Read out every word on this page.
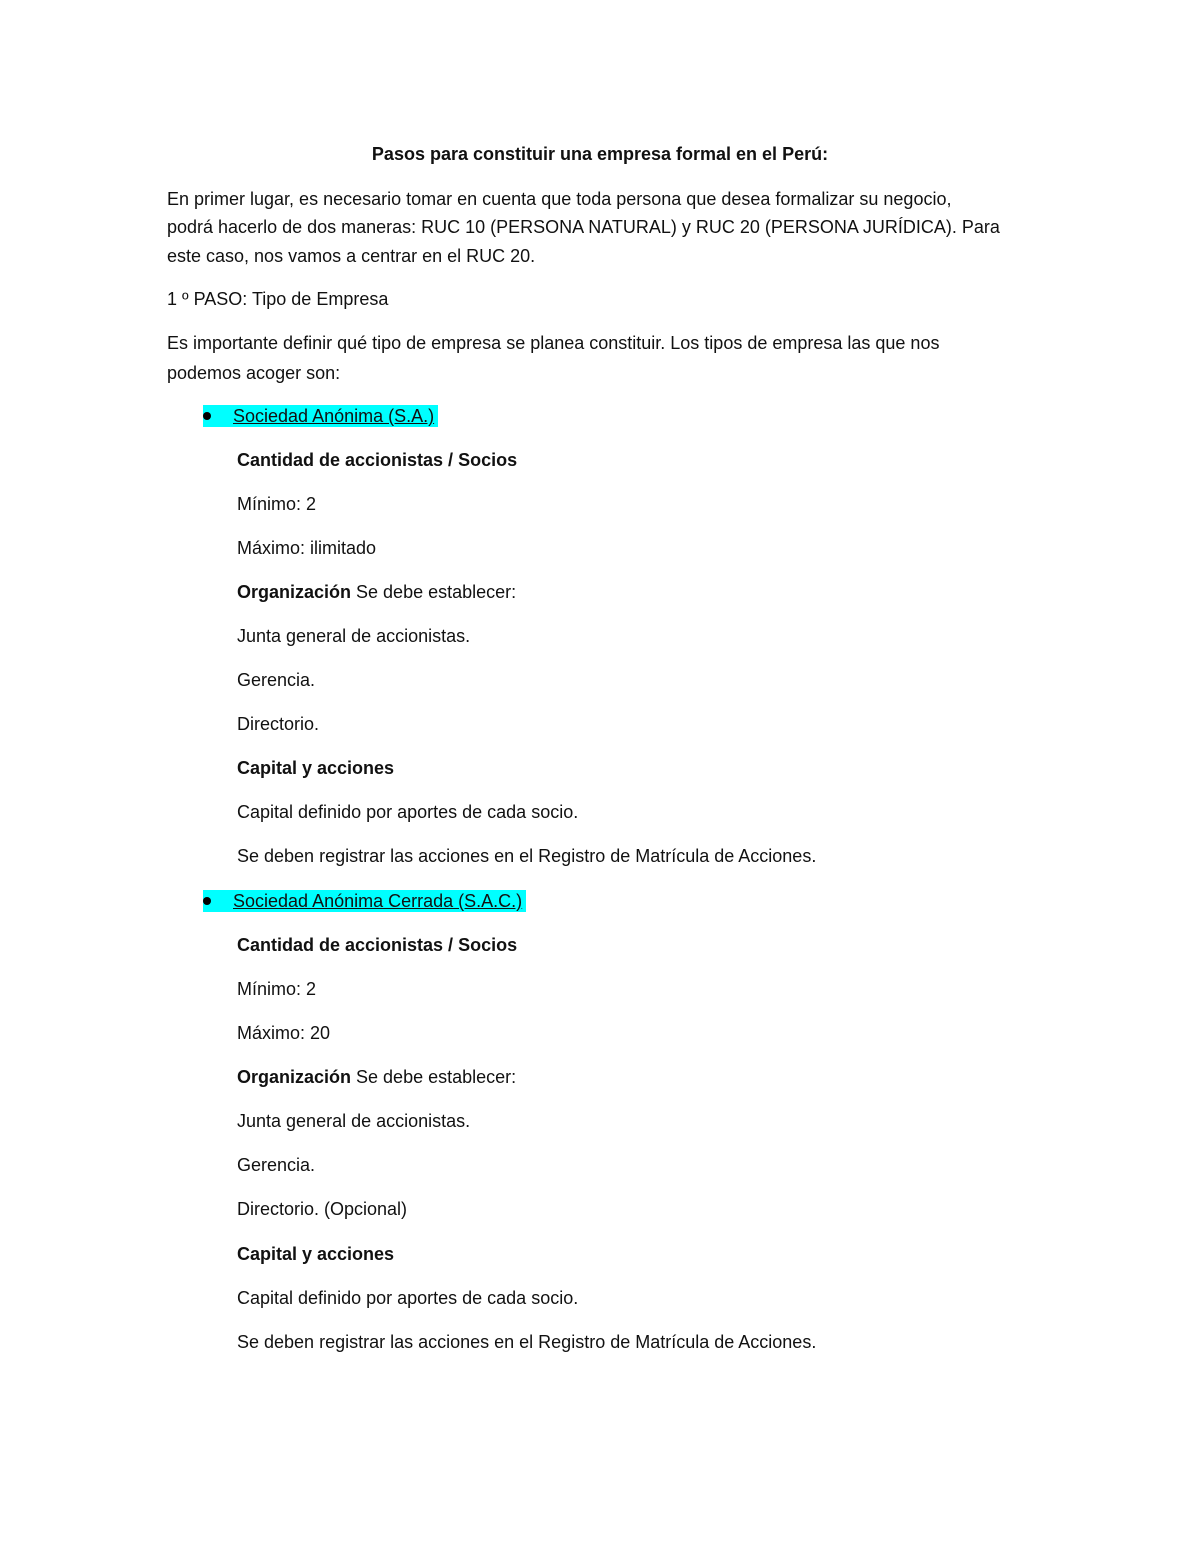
Pasos para constituir una empresa formal en el Perú:
En primer lugar, es necesario tomar en cuenta que toda persona que desea formalizar su negocio,
podrá hacerlo de dos maneras: RUC 10 (PERSONA NATURAL) y RUC 20 (PERSONA JURÍDICA). Para
este caso, nos vamos a centrar en el RUC 20.
1 º PASO: Tipo de Empresa
Es importante definir qué tipo de empresa se planea constituir. Los tipos de empresa las que nos
podemos acoger son:
Sociedad Anónima (S.A.)
Cantidad de accionistas / Socios
Mínimo: 2
Máximo: ilimitado
Organización Se debe establecer:
Junta general de accionistas.
Gerencia.
Directorio.
Capital y acciones
Capital definido por aportes de cada socio.
Se deben registrar las acciones en el Registro de Matrícula de Acciones.
Sociedad Anónima Cerrada (S.A.C.)
Cantidad de accionistas / Socios
Mínimo: 2
Máximo: 20
Organización Se debe establecer:
Junta general de accionistas.
Gerencia.
Directorio. (Opcional)
Capital y acciones
Capital definido por aportes de cada socio.
Se deben registrar las acciones en el Registro de Matrícula de Acciones.
